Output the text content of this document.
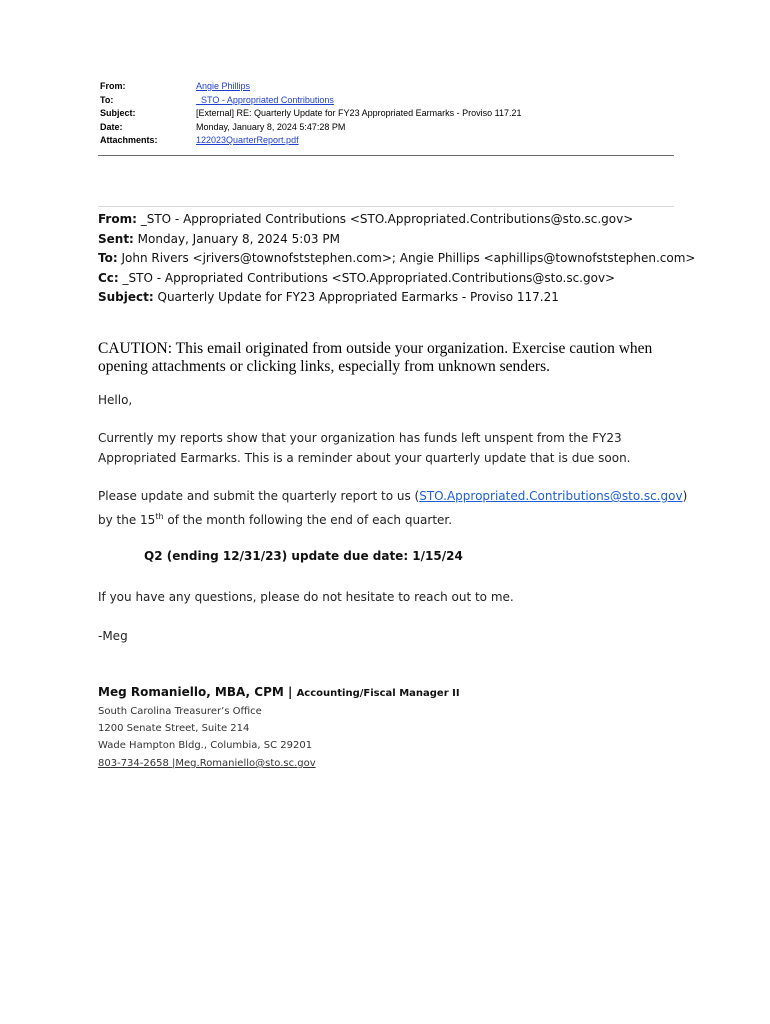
From:	Angie Phillips
To:	_STO - Appropriated Contributions
Subject:	[External] RE: Quarterly Update for FY23 Appropriated Earmarks - Proviso 117.21
Date:	Monday, January 8, 2024 5:47:28 PM
Attachments:	122023QuarterReport.pdf
From: _STO - Appropriated Contributions <STO.Appropriated.Contributions@sto.sc.gov>
Sent: Monday, January 8, 2024 5:03 PM
To: John Rivers <jrivers@townofststephen.com>; Angie Phillips <aphillips@townofststephen.com>
Cc: _STO - Appropriated Contributions <STO.Appropriated.Contributions@sto.sc.gov>
Subject: Quarterly Update for FY23 Appropriated Earmarks - Proviso 117.21
CAUTION: This email originated from outside your organization. Exercise caution when opening attachments or clicking links, especially from unknown senders.
Hello,
Currently my reports show that your organization has funds left unspent from the FY23
Appropriated Earmarks. This is a reminder about your quarterly update that is due soon.
Please update and submit the quarterly report to us (STO.Appropriated.Contributions@sto.sc.gov)
by the 15th of the month following the end of each quarter.
Q2 (ending 12/31/23) update due date: 1/15/24
If you have any questions, please do not hesitate to reach out to me.
-Meg
Meg Romaniello, MBA, CPM | Accounting/Fiscal Manager II
South Carolina Treasurer’s Office
1200 Senate Street, Suite 214
Wade Hampton Bldg., Columbia, SC 29201
803-734-2658 |Meg.Romaniello@sto.sc.gov
